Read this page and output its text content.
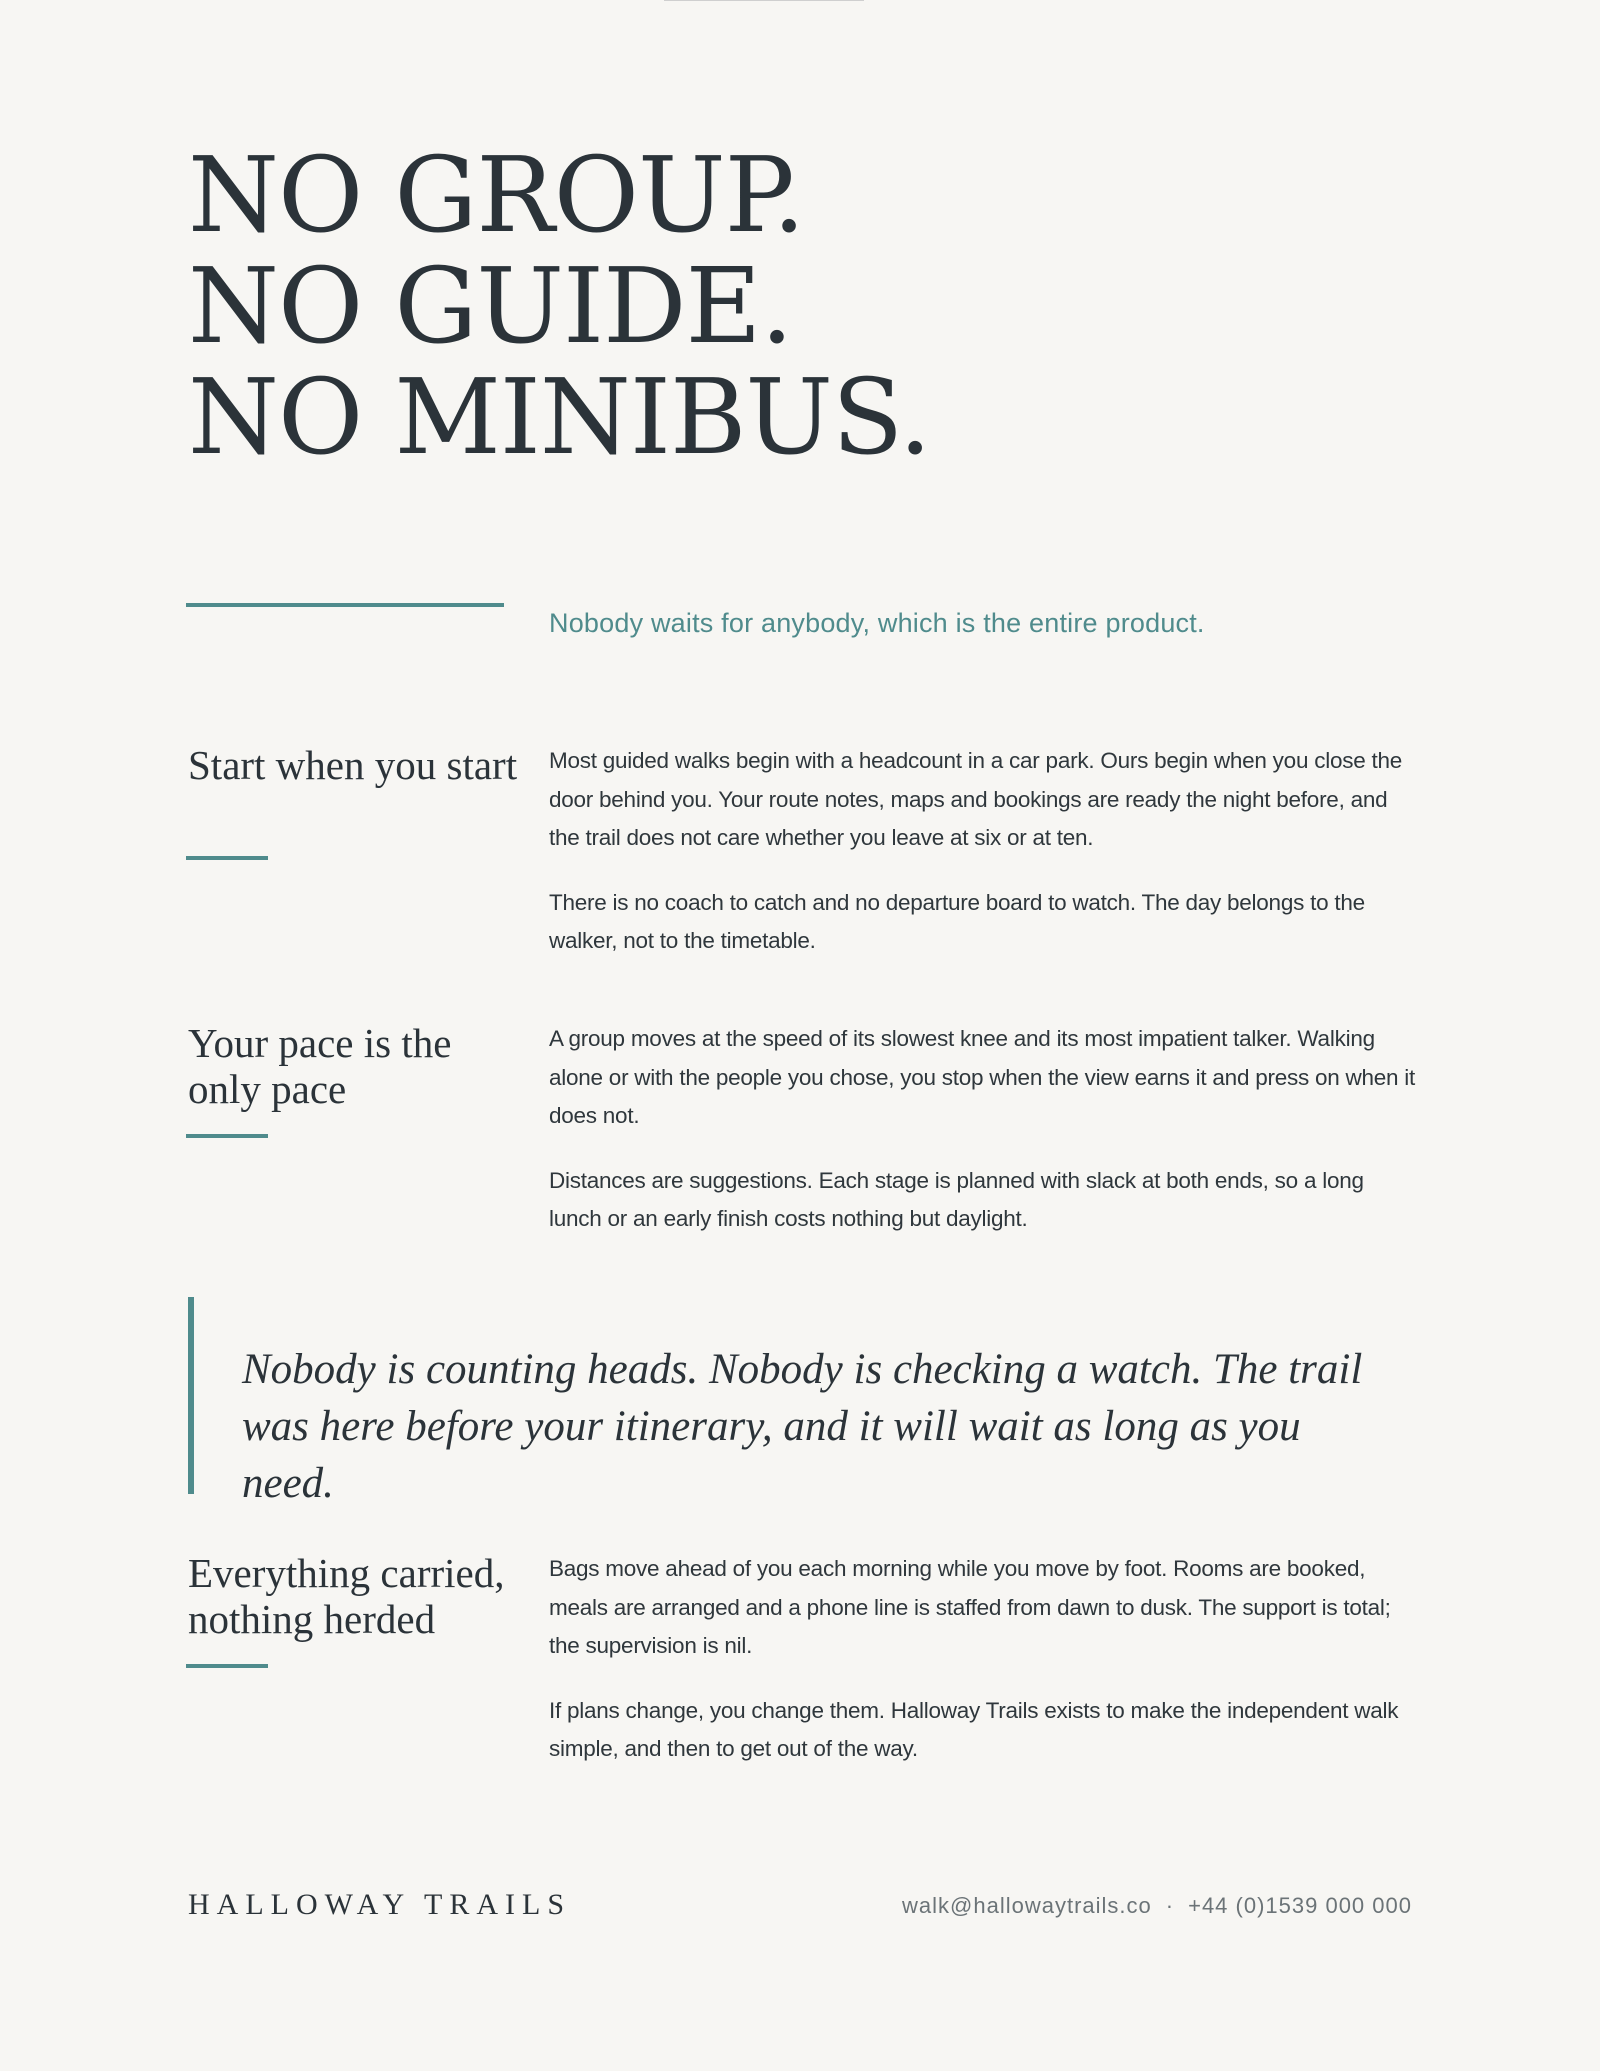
NO GROUP.
NO GUIDE.
NO MINIBUS.
Nobody waits for anybody, which is the entire product.
Start when you start Most guided walks begin with a headcount in a car park. Ours begin when you close the door behind you. Your route notes, maps and bookings are ready the night before, and the trail does not care whether you leave at six or at ten.

There is no coach to catch and no departure board to watch. The day belongs to the walker, not to the timetable.

Your pace is the only pace

A group moves at the speed of its slowest knee and its most impatient talker. Walking alone or with the people you chose, you stop when the view earns it and press on when it does not.

Distances are suggestions. Each stage is planned with slack at both ends, so a long lunch or an early finish costs nothing but daylight.

Nobody is counting heads. Nobody is checking a watch. The trail was here before your itinerary, and it will wait as long as you need.

Everything carried, nothing herded

Bags move ahead of you each morning while you move by foot. Rooms are booked, meals are arranged and a phone line is staffed from dawn to dusk. The support is total; the supervision is nil.

If plans change, you change them. Halloway Trails exists to make the independent walk simple, and then to get out of the way.

HALLOWAY TRAILS	walk@hallowaytrails.co · +44 (0)1539 000 000
